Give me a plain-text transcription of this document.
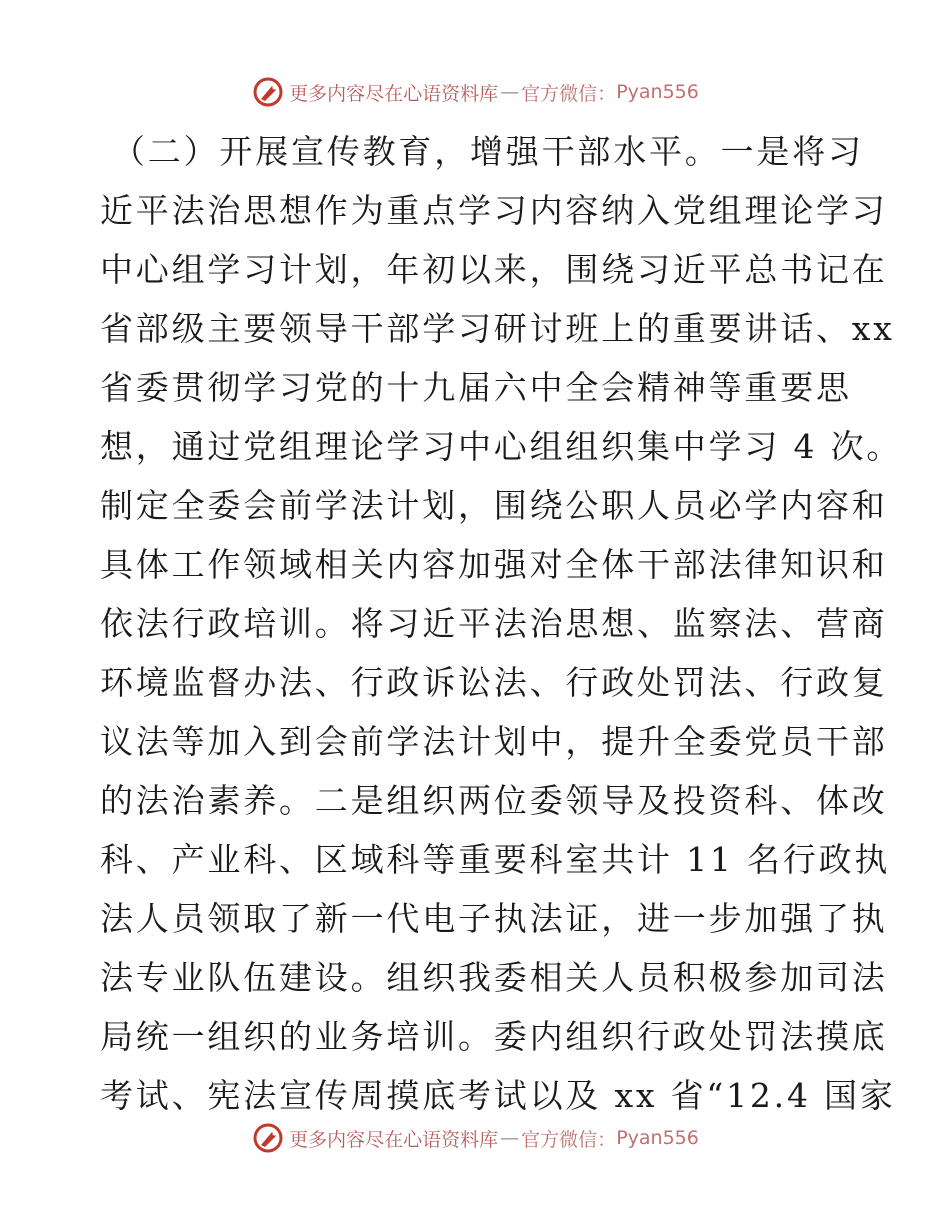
更多内容尽在心语资料库 — 官方微信： Pyan556
（二）开展宣传教育，增强干部水平。一是将习
近平法治思想作为重点学习内容纳入党组理论学习
中心组学习计划，年初以来，围绕习近平总书记在
省部级主要领导干部学习研讨班上的重要讲话、xx
省委贯彻学习党的十九届六中全会精神等重要思
想，通过党组理论学习中心组组织集中学习 4 次。
制定全委会前学法计划，围绕公职人员必学内容和
具体工作领域相关内容加强对全体干部法律知识和
依法行政培训。将习近平法治思想、监察法、营商
环境监督办法、行政诉讼法、行政处罚法、行政复
议法等加入到会前学法计划中，提升全委党员干部
的法治素养。二是组织两位委领导及投资科、体改
科、产业科、区域科等重要科室共计 11 名行政执
法人员领取了新一代电子执法证，进一步加强了执
法专业队伍建设。组织我委相关人员积极参加司法
局统一组织的业务培训。委内组织行政处罚法摸底
考试、宪法宣传周摸底考试以及 xx 省“12.4 国家
更多内容尽在心语资料库 — 官方微信： Pyan556
